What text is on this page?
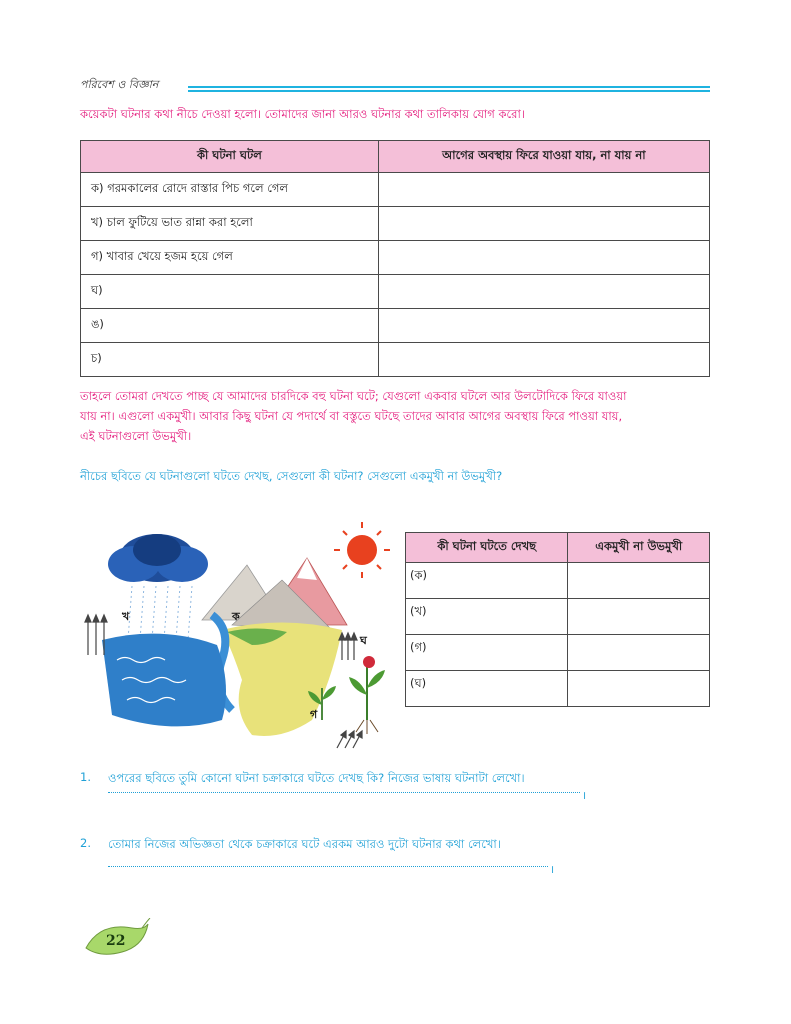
পরিবেশ ও বিজ্ঞান
কয়েকটা ঘটনার কথা নীচে দেওয়া হলো। তোমাদের জানা আরও ঘটনার কথা তালিকায় যোগ করো।
কী ঘটনা ঘটল	আগের অবস্থায় ফিরে যাওয়া যায়, না যায় না
ক) গরমকালের রোদে রাস্তার পিচ গলে গেল	
খ) চাল ফুটিয়ে ভাত রান্না করা হলো	
গ) খাবার খেয়ে হজম হয়ে গেল	
ঘ)	
ঙ)	
চ)	
তাহলে তোমরা দেখতে পাচ্ছ যে আমাদের চারদিকে বহু ঘটনা ঘটে; যেগুলো একবার ঘটলে আর উলটোদিকে ফিরে যাওয়া
যায় না। এগুলো একমুখী। আবার কিছু ঘটনা যে পদার্থে বা বস্তুতে ঘটছে তাদের আবার আগের অবস্থায় ফিরে পাওয়া যায়,
এই ঘটনাগুলো উভমুখী।
নীচের ছবিতে যে ঘটনাগুলো ঘটতে দেখছ, সেগুলো কী ঘটনা? সেগুলো একমুখী না উভমুখী?
ক
খ
গ
ঘ
কী ঘটনা ঘটতে দেখছ	একমুখী না উভমুখী
(ক)	
(খ)	
(গ)	
(ঘ)	
1. ওপরের ছবিতে তুমি কোনো ঘটনা চক্রাকারে ঘটতে দেখছ কি? নিজের ভাষায় ঘটনাটা লেখো।
।
2. তোমার নিজের অভিজ্ঞতা থেকে চক্রাকারে ঘটে এরকম আরও দুটো ঘটনার কথা লেখো।
।
22
